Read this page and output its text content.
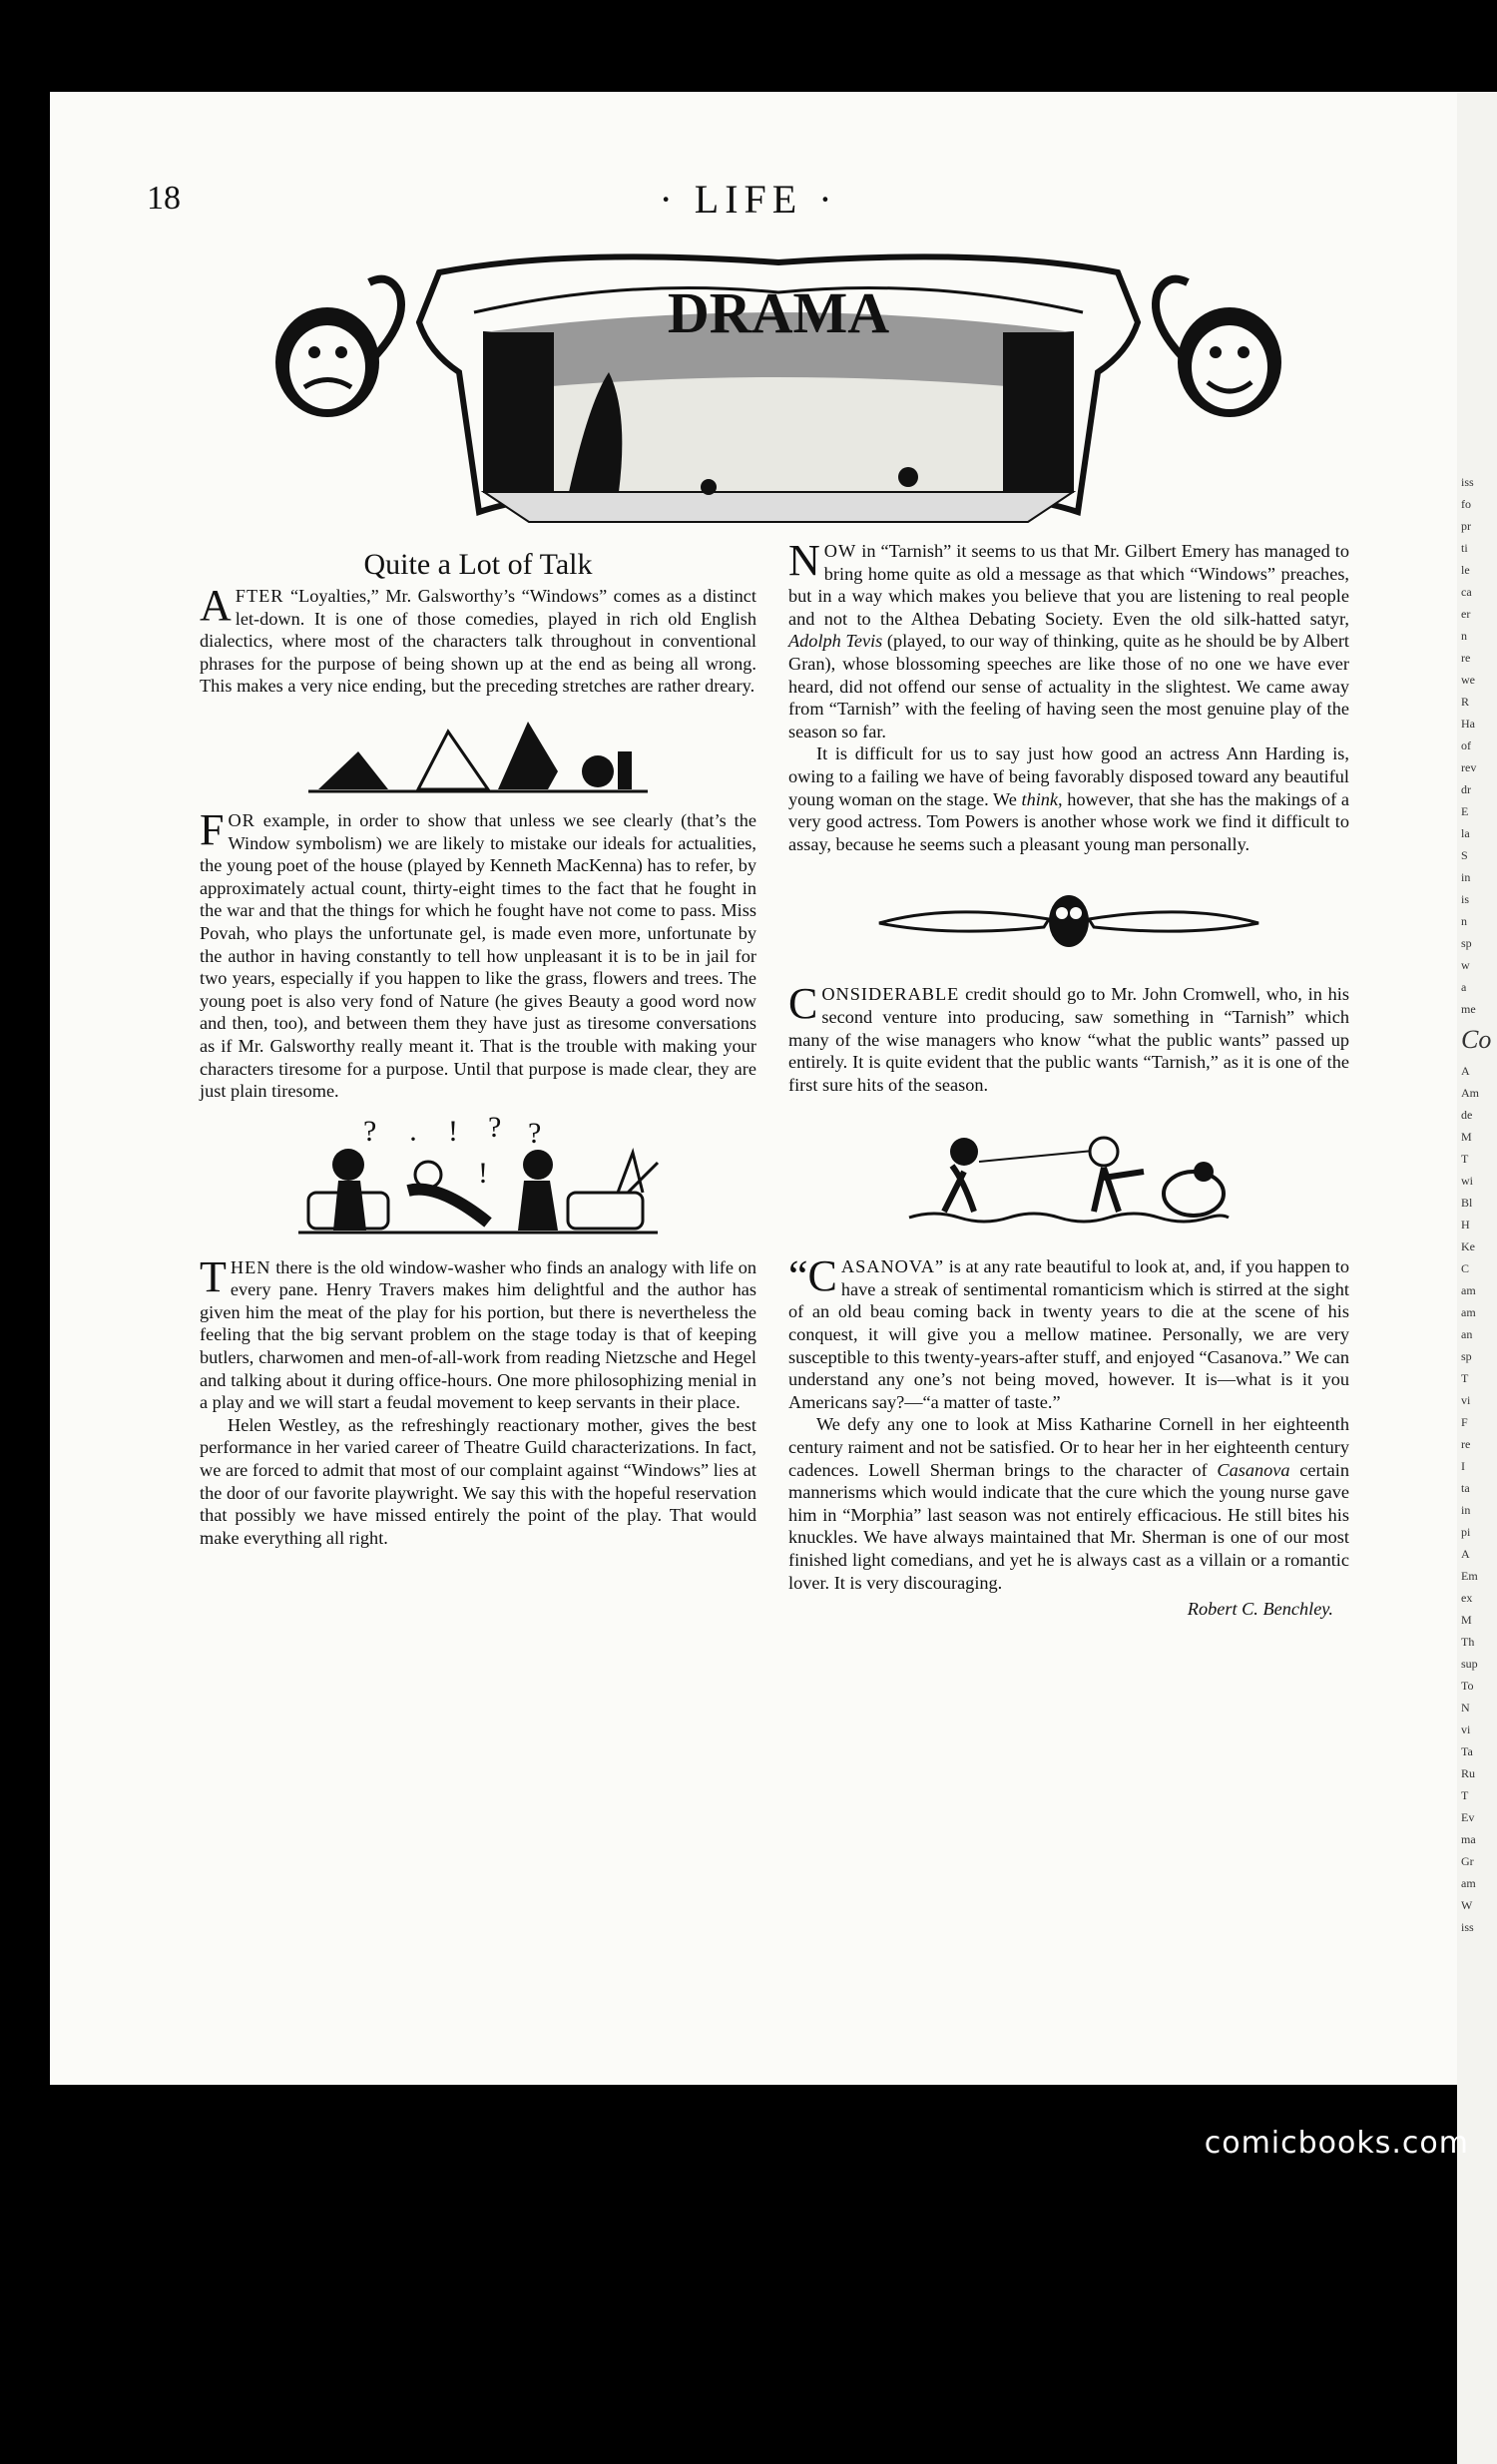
iss
fo
pr
ti
le
ca
er
n
re
we
R
Ha
of
rev
dr
E
la
S
in
is
n
sp
w
a
me
Co
A
Am
de
M
T
wi
Bl
H
Ke
C
am
am
an
sp
T
vi
F
re
I
ta
in
pi
A
Em
ex
M
Th
sup
To
N
vi
Ta
Ru
T
Ev
ma
Gr
am
W
iss
18	· LIFE ·
DRAMA
Quite a Lot of Talk

AFTER “Loyalties,” Mr. Galsworthy’s “Windows” comes as a distinct let-down. It is one of those comedies, played in rich old English dialectics, where most of the characters talk throughout in conventional phrases for the purpose of being shown up at the end as being all wrong. This makes a very nice ending, but the preceding stretches are rather dreary.

FOR example, in order to show that unless we see clearly (that’s the Window symbolism) we are likely to mistake our ideals for actualities, the young poet of the house (played by Kenneth MacKenna) has to refer, by approximately actual count, thirty-eight times to the fact that he fought in the war and that the things for which he fought have not come to pass. Miss Povah, who plays the unfortunate gel, is made even more, unfortunate by the author in having constantly to tell how unpleasant it is to be in jail for two years, especially if you happen to like the grass, flowers and trees. The young poet is also very fond of Nature (he gives Beauty a good word now and then, too), and between them they have just as tiresome conversations as if Mr. Galsworthy really meant it. That is the trouble with making your characters tiresome for a purpose. Until that purpose is made clear, they are just plain tiresome.

? · ! ?
!
?

THEN there is the old window-washer who finds an analogy with life on every pane. Henry Travers makes him delightful and the author has given him the meat of the play for his portion, but there is nevertheless the feeling that the big servant problem on the stage today is that of keeping butlers, charwomen and men-of-all-work from reading Nietzsche and Hegel and talking about it during office-hours. One more philosophizing menial in a play and we will start a feudal movement to keep servants in their place.

Helen Westley, as the refreshingly reactionary mother, gives the best performance in her varied career of Theatre Guild characterizations. In fact, we are forced to admit that most of our complaint against “Windows” lies at the door of our favorite playwright. We say this with the hopeful reservation that possibly we have missed entirely the point of the play. That would make everything all right.

NOW in “Tarnish” it seems to us that Mr. Gilbert Emery has managed to bring home quite as old a message as that which “Windows” preaches, but in a way which makes you believe that you are listening to real people and not to the Althea Debating Society. Even the old silk-hatted satyr, Adolph Tevis (played, to our way of thinking, quite as he should be by Albert Gran), whose blossoming speeches are like those of no one we have ever heard, did not offend our sense of actuality in the slightest. We came away from “Tarnish” with the feeling of having seen the most genuine play of the season so far.

It is difficult for us to say just how good an actress Ann Harding is, owing to a failing we have of being favorably disposed toward any beautiful young woman on the stage. We think, however, that she has the makings of a very good actress. Tom Powers is another whose work we find it difficult to assay, because he seems such a pleasant young man personally.

CONSIDERABLE credit should go to Mr. John Cromwell, who, in his second venture into producing, saw something in “Tarnish” which many of the wise managers who know “what the public wants” passed up entirely. It is quite evident that the public wants “Tarnish,” as it is one of the first sure hits of the season.

“CASANOVA” is at any rate beautiful to look at, and, if you happen to have a streak of sentimental romanticism which is stirred at the sight of an old beau coming back in twenty years to die at the scene of his conquest, it will give you a mellow matinee. Personally, we are very susceptible to this twenty-years-after stuff, and enjoyed “Casanova.” We can understand any one’s not being moved, however. It is—what is it you Americans say?—“a matter of taste.”

We defy any one to look at Miss Katharine Cornell in her eighteenth century raiment and not be satisfied. Or to hear her in her eighteenth century cadences. Lowell Sherman brings to the character of Casanova certain mannerisms which would indicate that the cure which the young nurse gave him in “Morphia” last season was not entirely efficacious. He still bites his knuckles. We have always maintained that Mr. Sherman is one of our most finished light comedians, and yet he is always cast as a villain or a romantic lover. It is very discouraging.

Robert C. Benchley.
comicbooks.com
